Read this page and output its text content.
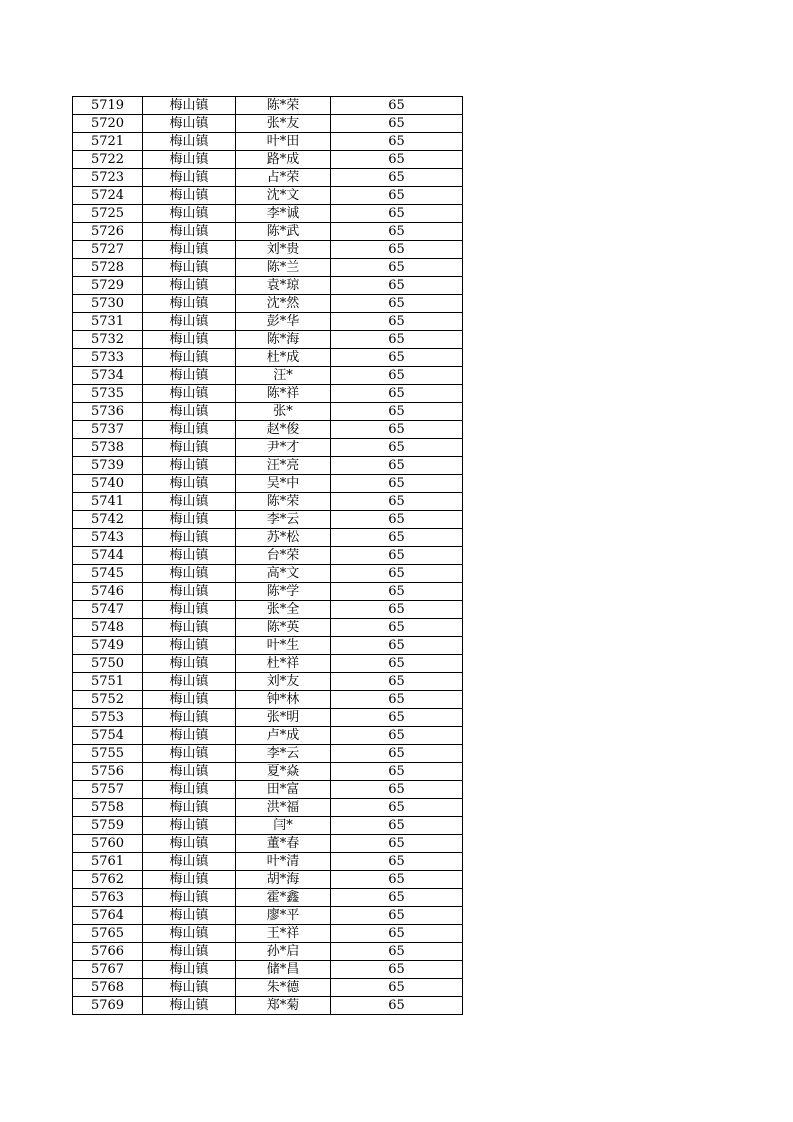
5719	梅山镇	陈*荣	65
5720	梅山镇	张*友	65
5721	梅山镇	叶*田	65
5722	梅山镇	路*成	65
5723	梅山镇	占*荣	65
5724	梅山镇	沈*文	65
5725	梅山镇	李*诚	65
5726	梅山镇	陈*武	65
5727	梅山镇	刘*贵	65
5728	梅山镇	陈*兰	65
5729	梅山镇	袁*琼	65
5730	梅山镇	沈*然	65
5731	梅山镇	彭*华	65
5732	梅山镇	陈*海	65
5733	梅山镇	杜*成	65
5734	梅山镇	汪*	65
5735	梅山镇	陈*祥	65
5736	梅山镇	张*	65
5737	梅山镇	赵*俊	65
5738	梅山镇	尹*才	65
5739	梅山镇	汪*亮	65
5740	梅山镇	吴*中	65
5741	梅山镇	陈*荣	65
5742	梅山镇	李*云	65
5743	梅山镇	苏*松	65
5744	梅山镇	台*荣	65
5745	梅山镇	高*文	65
5746	梅山镇	陈*学	65
5747	梅山镇	张*全	65
5748	梅山镇	陈*英	65
5749	梅山镇	叶*生	65
5750	梅山镇	杜*祥	65
5751	梅山镇	刘*友	65
5752	梅山镇	钟*林	65
5753	梅山镇	张*明	65
5754	梅山镇	卢*成	65
5755	梅山镇	李*云	65
5756	梅山镇	夏*焱	65
5757	梅山镇	田*富	65
5758	梅山镇	洪*福	65
5759	梅山镇	闫*	65
5760	梅山镇	董*春	65
5761	梅山镇	叶*清	65
5762	梅山镇	胡*海	65
5763	梅山镇	霍*鑫	65
5764	梅山镇	廖*平	65
5765	梅山镇	王*祥	65
5766	梅山镇	孙*启	65
5767	梅山镇	储*昌	65
5768	梅山镇	朱*德	65
5769	梅山镇	郑*菊	65
